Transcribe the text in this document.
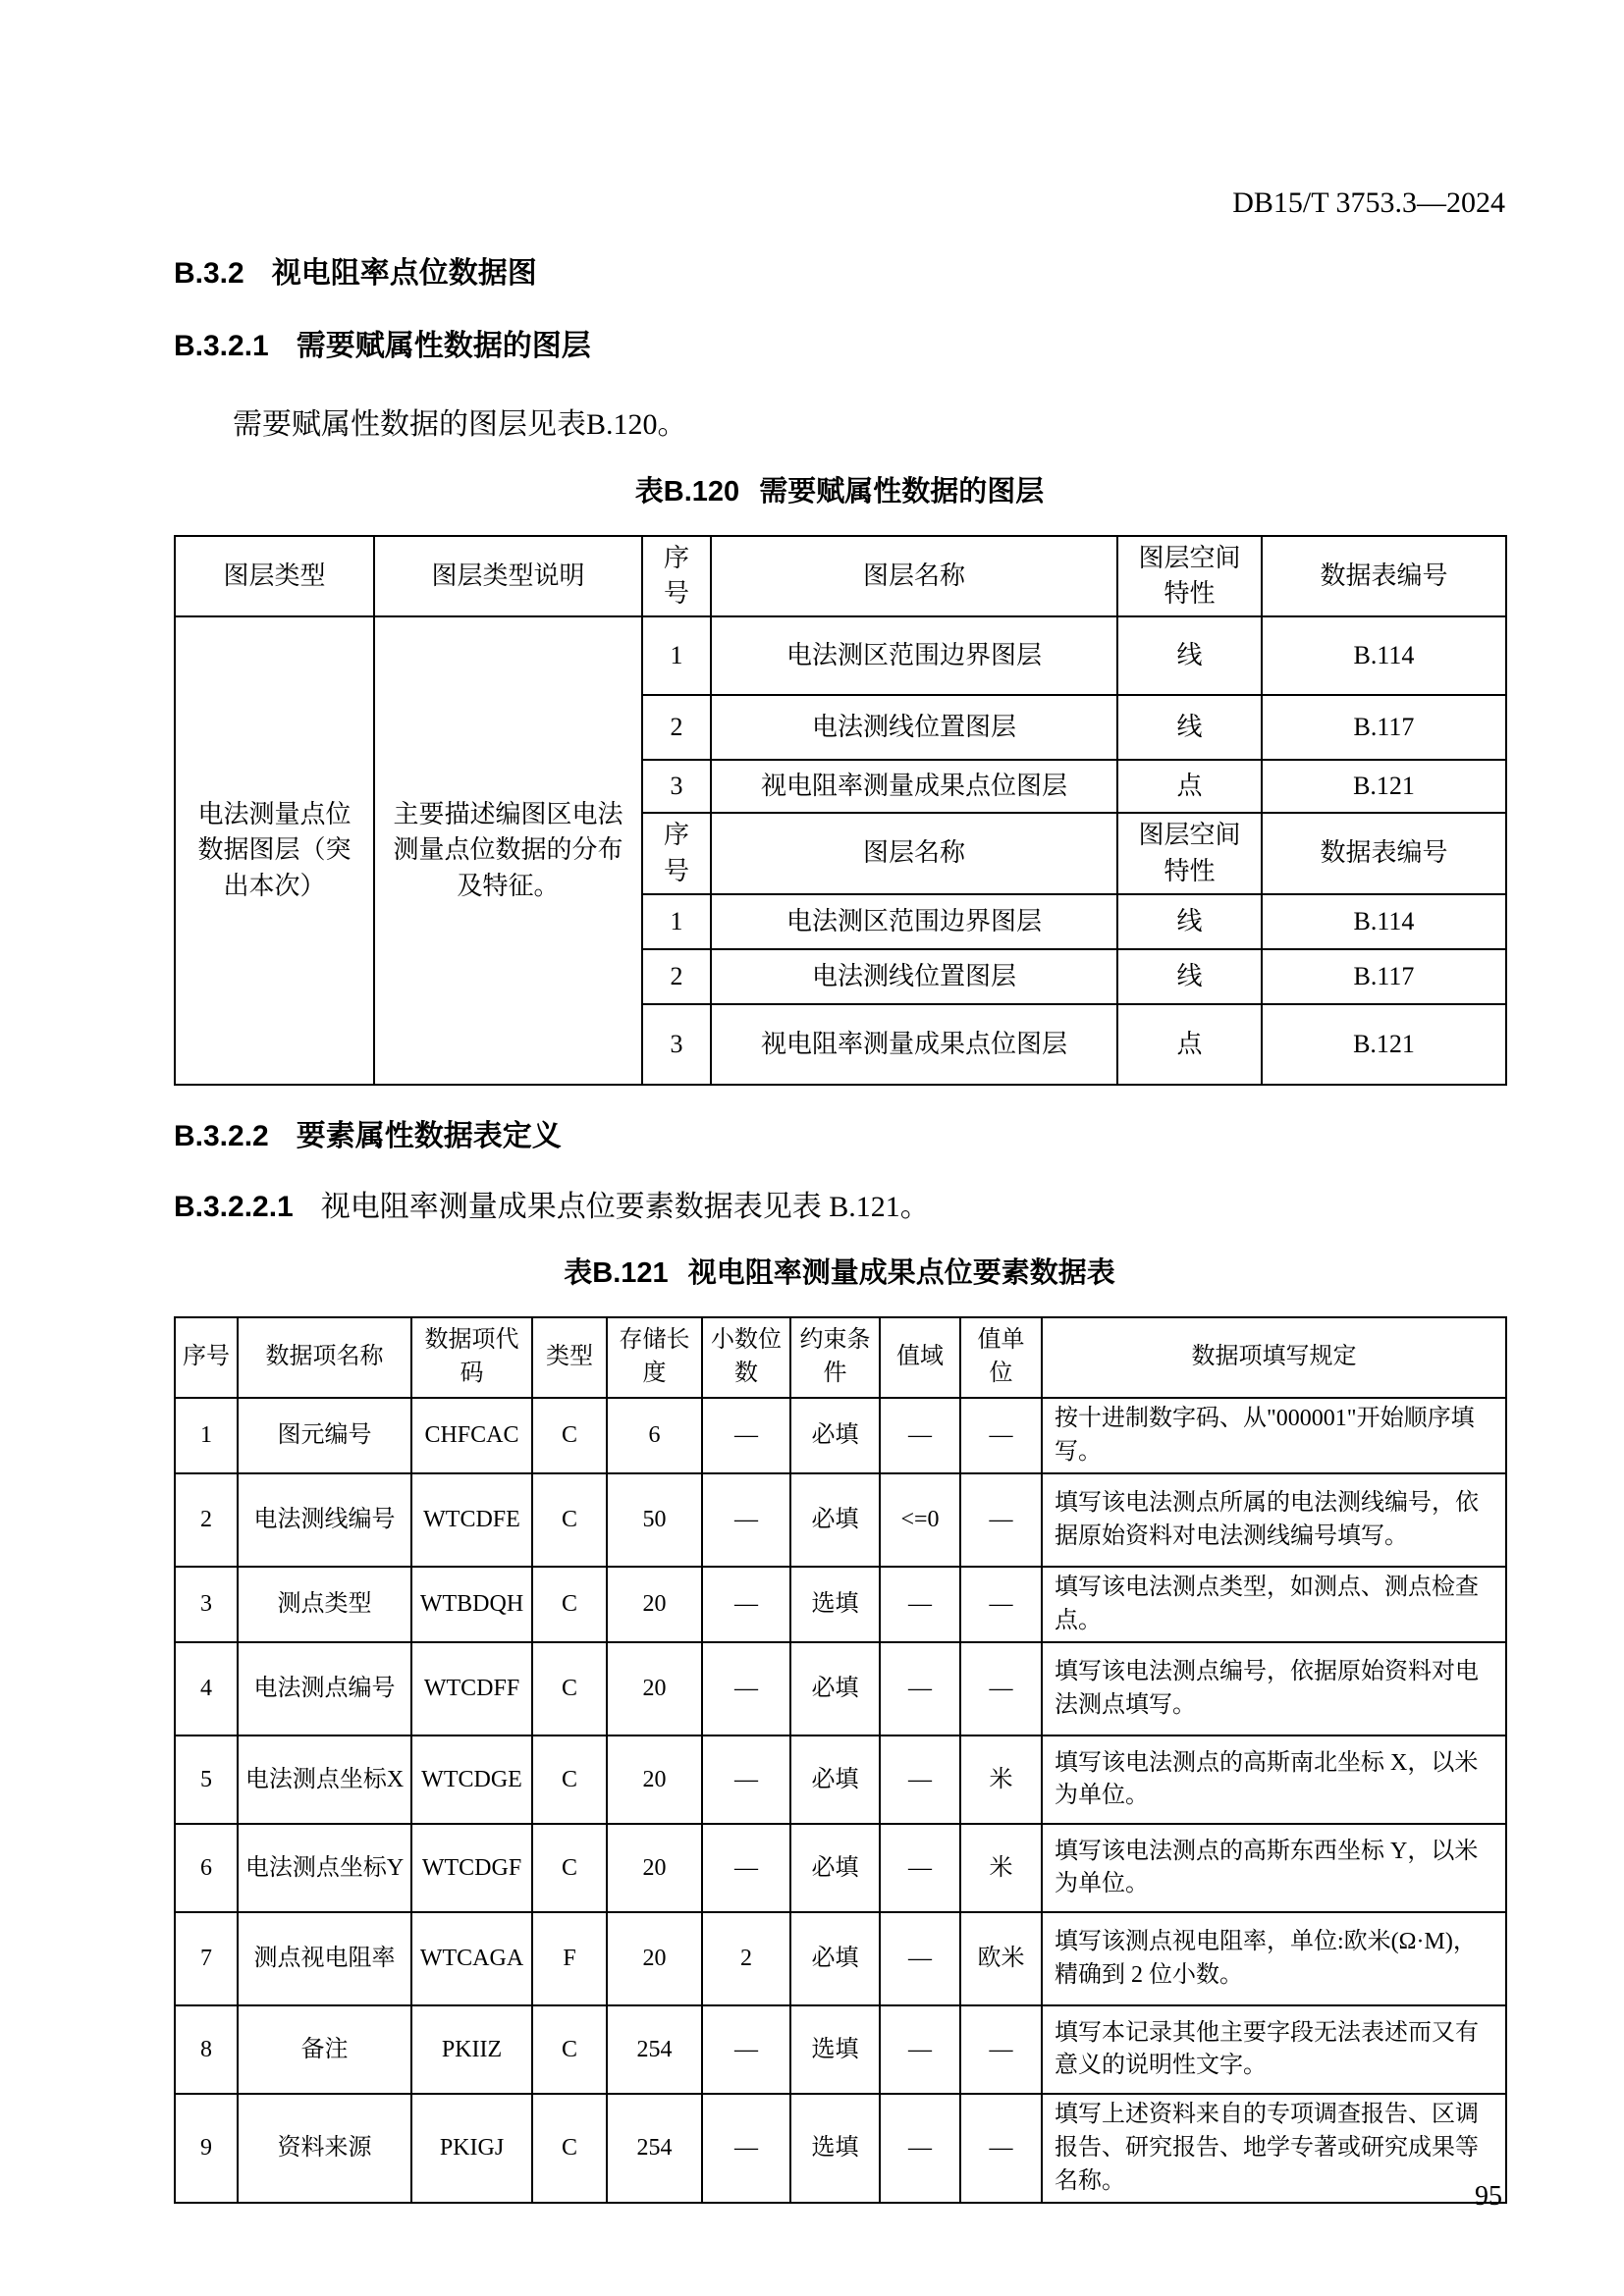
DB15/T 3753.3—2024
B.3.2 视电阻率点位数据图
B.3.2.1 需要赋属性数据的图层
需要赋属性数据的图层见表B.120。
表B.120 需要赋属性数据的图层
图层类型	图层类型说明	序号	图层名称	图层空间特性	数据表编号
电法测量点位数据图层（突出本次）	主要描述编图区电法测量点位数据的分布及特征。	1	电法测区范围边界图层	线	B.114
		2	电法测线位置图层	线	B.117
		3	视电阻率测量成果点位图层	点	B.121
		序号	图层名称	图层空间特性	数据表编号
		1	电法测区范围边界图层	线	B.114
		2	电法测线位置图层	线	B.117
		3	视电阻率测量成果点位图层	点	B.121
B.3.2.2 要素属性数据表定义
B.3.2.2.1 视电阻率测量成果点位要素数据表见表 B.121。
表B.121 视电阻率测量成果点位要素数据表
序号	数据项名称	数据项代码	类型	存储长度	小数位数	约束条件	值域	值单位	数据项填写规定
1	图元编号	CHFCAC	C	6	—	必填	—	—	按十进制数字码、从"000001"开始顺序填写。
2	电法测线编号	WTCDFE	C	50	—	必填	<=0	—	填写该电法测点所属的电法测线编号，依据原始资料对电法测线编号填写。
3	测点类型	WTBDQH	C	20	—	选填	—	—	填写该电法测点类型，如测点、测点检查点。
4	电法测点编号	WTCDFF	C	20	—	必填	—	—	填写该电法测点编号，依据原始资料对电法测点填写。
5	电法测点坐标X	WTCDGE	C	20	—	必填	—	米	填写该电法测点的高斯南北坐标 X，以米为单位。
6	电法测点坐标Y	WTCDGF	C	20	—	必填	—	米	填写该电法测点的高斯东西坐标 Y，以米为单位。
7	测点视电阻率	WTCAGA	F	20	2	必填	—	欧米	填写该测点视电阻率，单位:欧米(Ω·M)，精确到 2 位小数。
8	备注	PKIIZ	C	254	—	选填	—	—	填写本记录其他主要字段无法表述而又有意义的说明性文字。
9	资料来源	PKIGJ	C	254	—	选填	—	—	填写上述资料来自的专项调查报告、区调报告、研究报告、地学专著或研究成果等名称。
95
